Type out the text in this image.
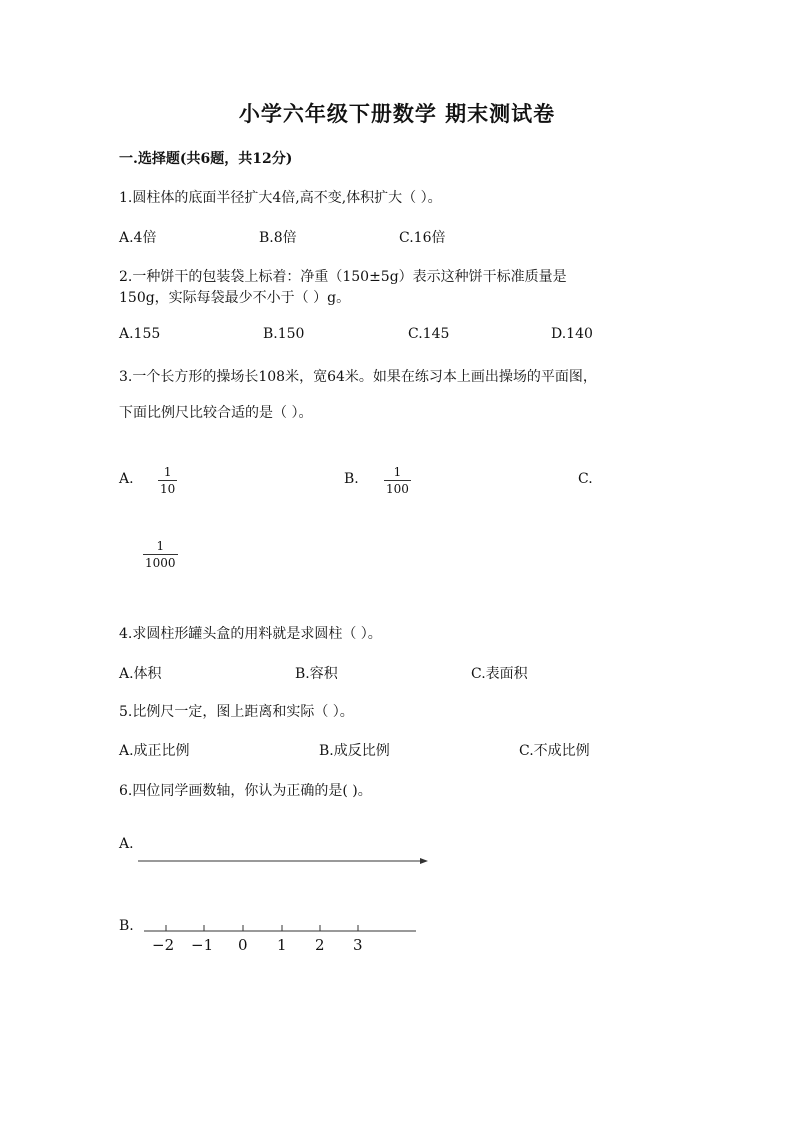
小学六年级下册数学 期末测试卷
一.选择题(共6题，共12分)
1.圆柱体的底面半径扩大4倍,高不变,体积扩大（ ）。
A.4倍	B.8倍	C.16倍
2.一种饼干的包装袋上标着：净重（150±5g）表示这种饼干标准质量是
150g，实际每袋最少不小于（ ）g。
A.155	B.150	C.145	D.140
3.一个长方形的操场长108米，宽64米。如果在练习本上画出操场的平面图，
下面比例尺比较合适的是（ ）。
A.	1
10
B.	1
100
C.
1
1000
4.求圆柱形罐头盒的用料就是求圆柱（ ）。
A.体积	B.容积	C.表面积
5.比例尺一定，图上距离和实际（ ）。
A.成正比例	B.成反比例	C.不成比例
6.四位同学画数轴，你认为正确的是( )。
A.
B.
−2 −1 0 1 2 3
